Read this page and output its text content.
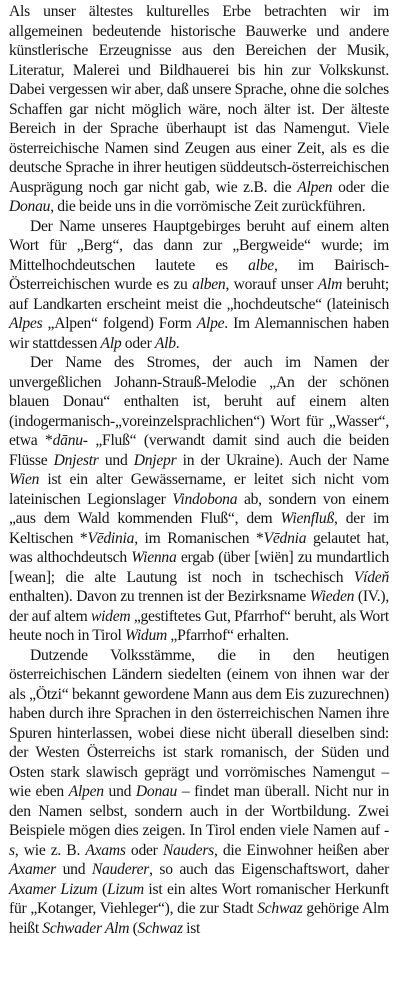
Als unser ältestes kulturelles Erbe betrachten wir im allgemeinen bedeutende historische Bauwerke und andere künstlerische Erzeugnisse aus den Bereichen der Musik, Literatur, Malerei und Bildhauerei bis hin zur Volkskunst. Dabei vergessen wir aber, daß unsere Sprache, ohne die solches Schaffen gar nicht möglich wäre, noch älter ist. Der älteste Bereich in der Sprache überhaupt ist das Namengut. Viele österreichische Namen sind Zeugen aus einer Zeit, als es die deutsche Sprache in ihrer heutigen süddeutsch-österreichischen Ausprägung noch gar nicht gab, wie z.B. die Alpen oder die Donau, die beide uns in die vorrömische Zeit zurückführen.

Der Name unseres Hauptgebirges beruht auf einem alten Wort für „Berg“, das dann zur „Bergweide“ wurde; im Mittelhochdeutschen lautete es albe, im Bairisch-Österreichischen wurde es zu alben, worauf unser Alm beruht; auf Landkarten erscheint meist die „hochdeutsche“ (lateinisch Alpes „Alpen“ folgend) Form Alpe. Im Alemannischen haben wir stattdessen Alp oder Alb.

Der Name des Stromes, der auch im Namen der unvergeßlichen Johann-Strauß-Melodie „An der schönen blauen Donau“ enthalten ist, beruht auf einem alten (indogermanisch-„voreinzelsprachlichen“) Wort für „Wasser“, etwa *dānu- „Fluß“ (verwandt damit sind auch die beiden Flüsse Dnjestr und Dnjepr in der Ukraine). Auch der Name Wien ist ein alter Gewässername, er leitet sich nicht vom lateinischen Legionslager Vindobona ab, sondern von einem „aus dem Wald kommenden Fluß“, dem Wienfluß, der im Keltischen *Vēdinia, im Romanischen *Vēdnia gelautet hat, was althochdeutsch Wienna ergab (über [wiën] zu mundartlich [wean]; die alte Lautung ist noch in tschechisch Vídeň enthalten). Davon zu trennen ist der Bezirksname Wieden (IV.), der auf altem widem „gestiftetes Gut, Pfarrhof“ beruht, als Wort heute noch in Tirol Widum „Pfarrhof“ erhalten.

Dutzende Volksstämme, die in den heutigen österreichischen Ländern siedelten (einem von ihnen war der als „Ötzi“ bekannt gewordene Mann aus dem Eis zuzurechnen) haben durch ihre Sprachen in den österreichischen Namen ihre Spuren hinterlassen, wobei diese nicht überall dieselben sind: der Westen Österreichs ist stark romanisch, der Süden und Osten stark slawisch geprägt und vorrömisches Namengut – wie eben Alpen und Donau – findet man überall. Nicht nur in den Namen selbst, sondern auch in der Wortbildung. Zwei Beispiele mögen dies zeigen. In Tirol enden viele Namen auf -s, wie z. B. Axams oder Nauders, die Einwohner heißen aber Axamer und Nauderer, so auch das Eigenschaftswort, daher Axamer Lizum (Lizum ist ein altes Wort romanischer Herkunft für „Kotanger, Viehleger“), die zur Stadt Schwaz gehörige Alm heißt Schwader Alm (Schwaz ist
